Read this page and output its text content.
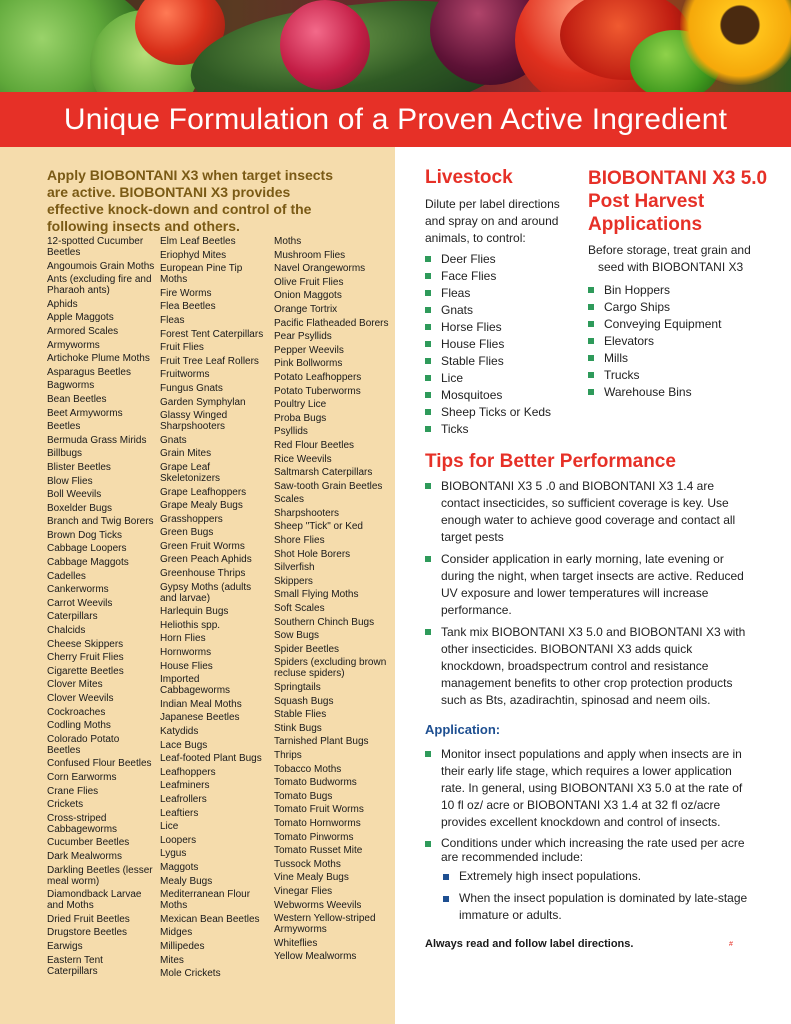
Unique Formulation of a Proven Active Ingredient

Apply BIOBONTANI X3 when target insects are active. BIOBONTANI X3 provides effective knock-down and control of the following insects and others.

12-spotted Cucumber Beetles
Angoumois Grain Moths
Ants (excluding fire and Pharaoh ants)
Aphids
Apple Maggots
Armored Scales
Armyworms
Artichoke Plume Moths
Asparagus Beetles
Bagworms
Bean Beetles
Beet Armyworms
Beetles
Bermuda Grass Mirids
Billbugs
Blister Beetles
Blow Flies
Boll Weevils
Boxelder Bugs
Branch and Twig Borers
Brown Dog Ticks
Cabbage Loopers
Cabbage Maggots
Cadelles
Cankerworms
Carrot Weevils
Caterpillars
Chalcids
Cheese Skippers
Cherry Fruit Flies
Cigarette Beetles
Clover Mites
Clover Weevils
Cockroaches
Codling Moths
Colorado Potato Beetles
Confused Flour Beetles
Corn Earworms
Crane Flies
Crickets
Cross-striped Cabbageworms
Cucumber Beetles
Dark Mealworms
Darkling Beetles (lesser meal worm)
Diamondback Larvae and Moths
Dried Fruit Beetles
Drugstore Beetles
Earwigs
Eastern Tent Caterpillars
Elm Leaf Beetles
Eriophyd Mites
European Pine Tip Moths
Fire Worms
Flea Beetles
Fleas
Forest Tent Caterpillars
Fruit Flies
Fruit Tree Leaf Rollers
Fruitworms
Fungus Gnats
Garden Symphylan
Glassy Winged Sharpshooters
Gnats
Grain Mites
Grape Leaf Skeletonizers
Grape Leafhoppers
Grape Mealy Bugs
Grasshoppers
Green Bugs
Green Fruit Worms
Green Peach Aphids
Greenhouse Thrips
Gypsy Moths (adults and larvae)
Harlequin Bugs
Heliothis spp.
Horn Flies
Hornworms
House Flies
Imported Cabbageworms
Indian Meal Moths
Japanese Beetles
Katydids
Lace Bugs
Leaf-footed Plant Bugs
Leafhoppers
Leafminers
Leafrollers
Leaftiers
Lice
Loopers
Lygus
Maggots
Mealy Bugs
Mediterranean Flour Moths
Mexican Bean Beetles
Midges
Millipedes
Mites
Mole Crickets
Moths
Mushroom Flies
Navel Orangeworms
Olive Fruit Flies
Onion Maggots
Orange Tortrix
Pacific Flatheaded Borers
Pear Psyllids
Pepper Weevils
Pink Bollworms
Potato Leafhoppers
Potato Tuberworms
Poultry Lice
Proba Bugs
Psyllids
Red Flour Beetles
Rice Weevils
Saltmarsh Caterpillars
Saw-tooth Grain Beetles
Scales
Sharpshooters
Sheep "Tick" or Ked
Shore Flies
Shot Hole Borers
Silverfish
Skippers
Small Flying Moths
Soft Scales
Southern Chinch Bugs
Sow Bugs
Spider Beetles
Spiders (excluding brown recluse spiders)
Springtails
Squash Bugs
Stable Flies
Stink Bugs
Tarnished Plant Bugs
Thrips
Tobacco Moths
Tomato Budworms
Tomato Bugs
Tomato Fruit Worms
Tomato Hornworms
Tomato Pinworms
Tomato Russet Mite
Tussock Moths
Vine Mealy Bugs
Vinegar Flies
Webworms Weevils
Western Yellow-striped Armyworms
Whiteflies
Yellow Mealworms
Livestock

Dilute per label directions and spray on and around animals, to control:

Deer Flies
Face Flies
Fleas
Gnats
Horse Flies
House Flies
Stable Flies
Lice
Mosquitoes
Sheep Ticks or Keds
Ticks
BIOBONTANI X3 5.0 Post Harvest Applications

Before storage, treat grain and
seed with BIOBONTANI X3

Bin Hoppers
Cargo Ships
Conveying Equipment
Elevators
Mills
Trucks
Warehouse Bins
Tips for Better Performance
BIOBONTANI X3 5 .0 and BIOBONTANI X3 1.4 are contact insecticides, so sufficient coverage is key. Use enough water to achieve good coverage and contact all target pests
Consider application in early morning, late evening or during the night, when target insects are active. Reduced UV exposure and lower temperatures will increase performance.
Tank mix BIOBONTANI X3 5.0 and BIOBONTANI X3 with other insecticides. BIOBONTANI X3 adds quick knockdown, broadspectrum control and resistance management benefits to other crop protection products such as Bts, azadirachtin, spinosad and neem oils.
Application:
Monitor insect populations and apply when insects are in their early life stage, which requires a lower application rate. In general, using BIOBONTANI X3 5.0 at the rate of 10 fl oz/ acre or BIOBONTANI X3 1.4 at 32 fl oz/acre provides excellent knockdown and control of insects.
Conditions under which increasing the rate used per acre are recommended include:
Extremely high insect populations.
When the insect population is dominated by late-stage immature or adults.

Always read and follow label directions.	#
